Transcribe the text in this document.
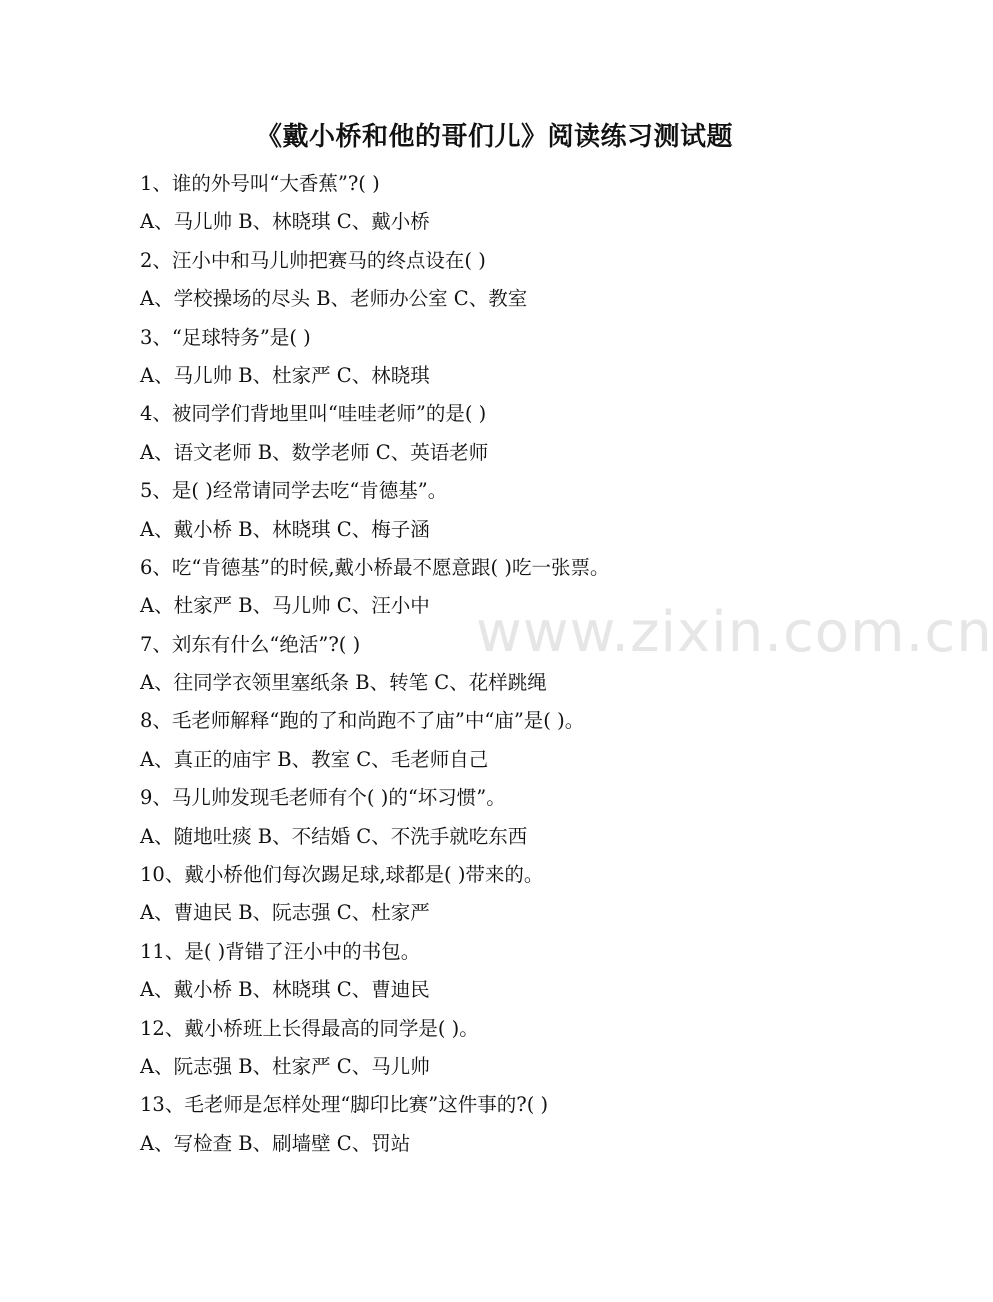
www.zixin.com.cn
《戴小桥和他的哥们儿》阅读练习测试题
1、谁的外号叫“大香蕉”?( )
A、马儿帅 B、林晓琪 C、戴小桥
2、汪小中和马儿帅把赛马的终点设在( )
A、学校操场的尽头 B、老师办公室 C、教室
3、“足球特务”是( )
A、马儿帅 B、杜家严 C、林晓琪
4、被同学们背地里叫“哇哇老师”的是( )
A、语文老师 B、数学老师 C、英语老师
5、是( )经常请同学去吃“肯德基”。
A、戴小桥 B、林晓琪 C、梅子涵
6、吃“肯德基”的时候,戴小桥最不愿意跟( )吃一张票。
A、杜家严 B、马儿帅 C、汪小中
7、刘东有什么“绝活”?( )
A、往同学衣领里塞纸条 B、转笔 C、花样跳绳
8、毛老师解释“跑的了和尚跑不了庙”中“庙”是( )。
A、真正的庙宇 B、教室 C、毛老师自己
9、马儿帅发现毛老师有个( )的“坏习惯”。
A、随地吐痰 B、不结婚 C、不洗手就吃东西
10、戴小桥他们每次踢足球,球都是( )带来的。
A、曹迪民 B、阮志强 C、杜家严
11、是( )背错了汪小中的书包。
A、戴小桥 B、林晓琪 C、曹迪民
12、戴小桥班上长得最高的同学是( )。
A、阮志强 B、杜家严 C、马儿帅
13、毛老师是怎样处理“脚印比赛”这件事的?( )
A、写检查 B、刷墙壁 C、罚站
